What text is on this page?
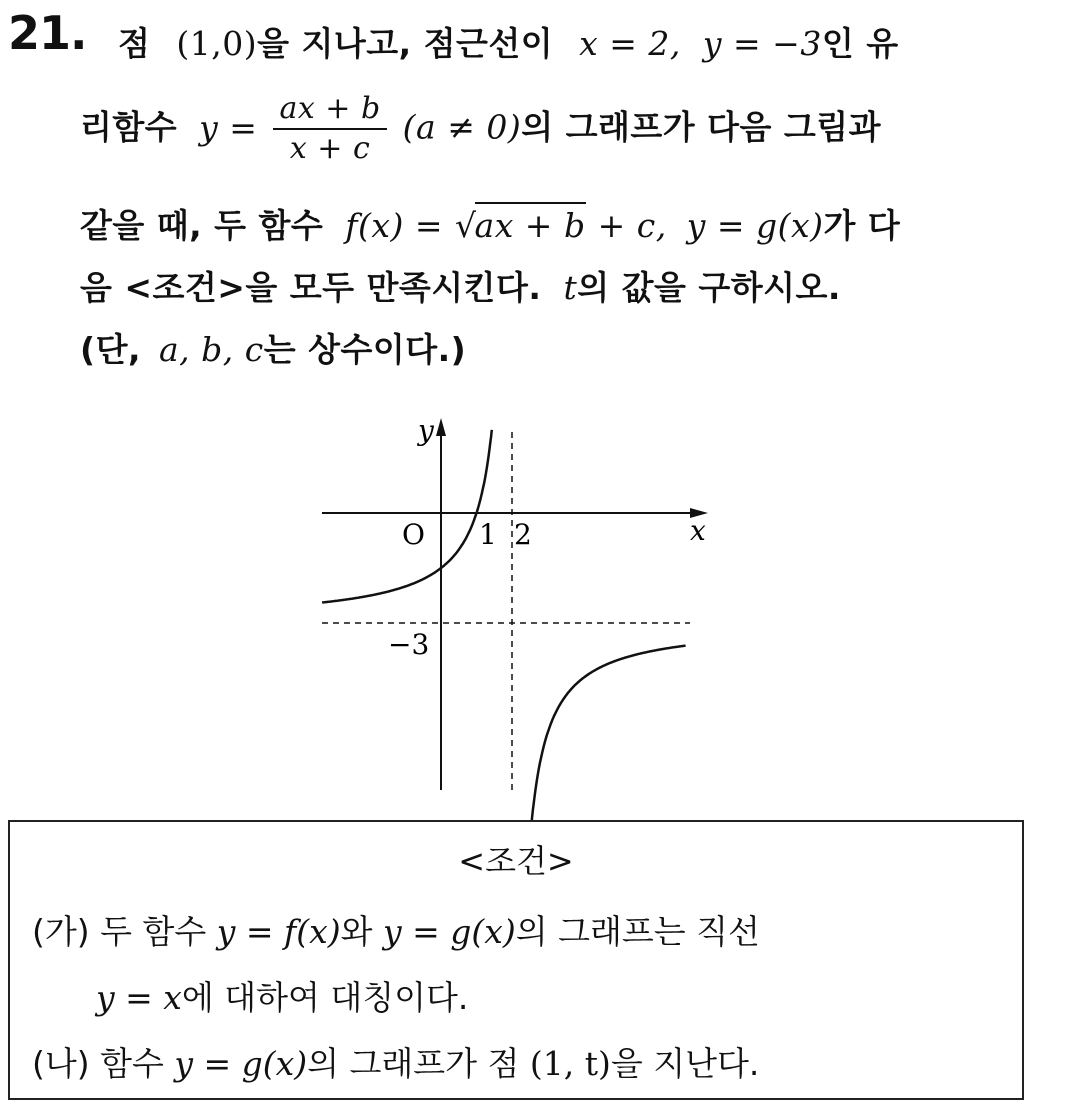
21. 점 (1,0)을 지나고, 점근선이 x = 2, y = −3인 유
리함수 $y = \frac{ax + b}{x + c} (a \ne 0)$의 그래프가 다음 그림과
같을 때, 두 함수 f(x) = √ax + b + c, y = g(x)가 다
음 <조건>을 모두 만족시킨다. t의 값을 구하시오.
(단, a, b, c는 상수이다.)
y
x
O 1 2
−3
<조건>
(가) 두 함수 y = f(x)와 y = g(x)의 그래프는 직선
y = x에 대하여 대칭이다.
(나) 함수 y = g(x)의 그래프가 점 (1, t)을 지난다.
